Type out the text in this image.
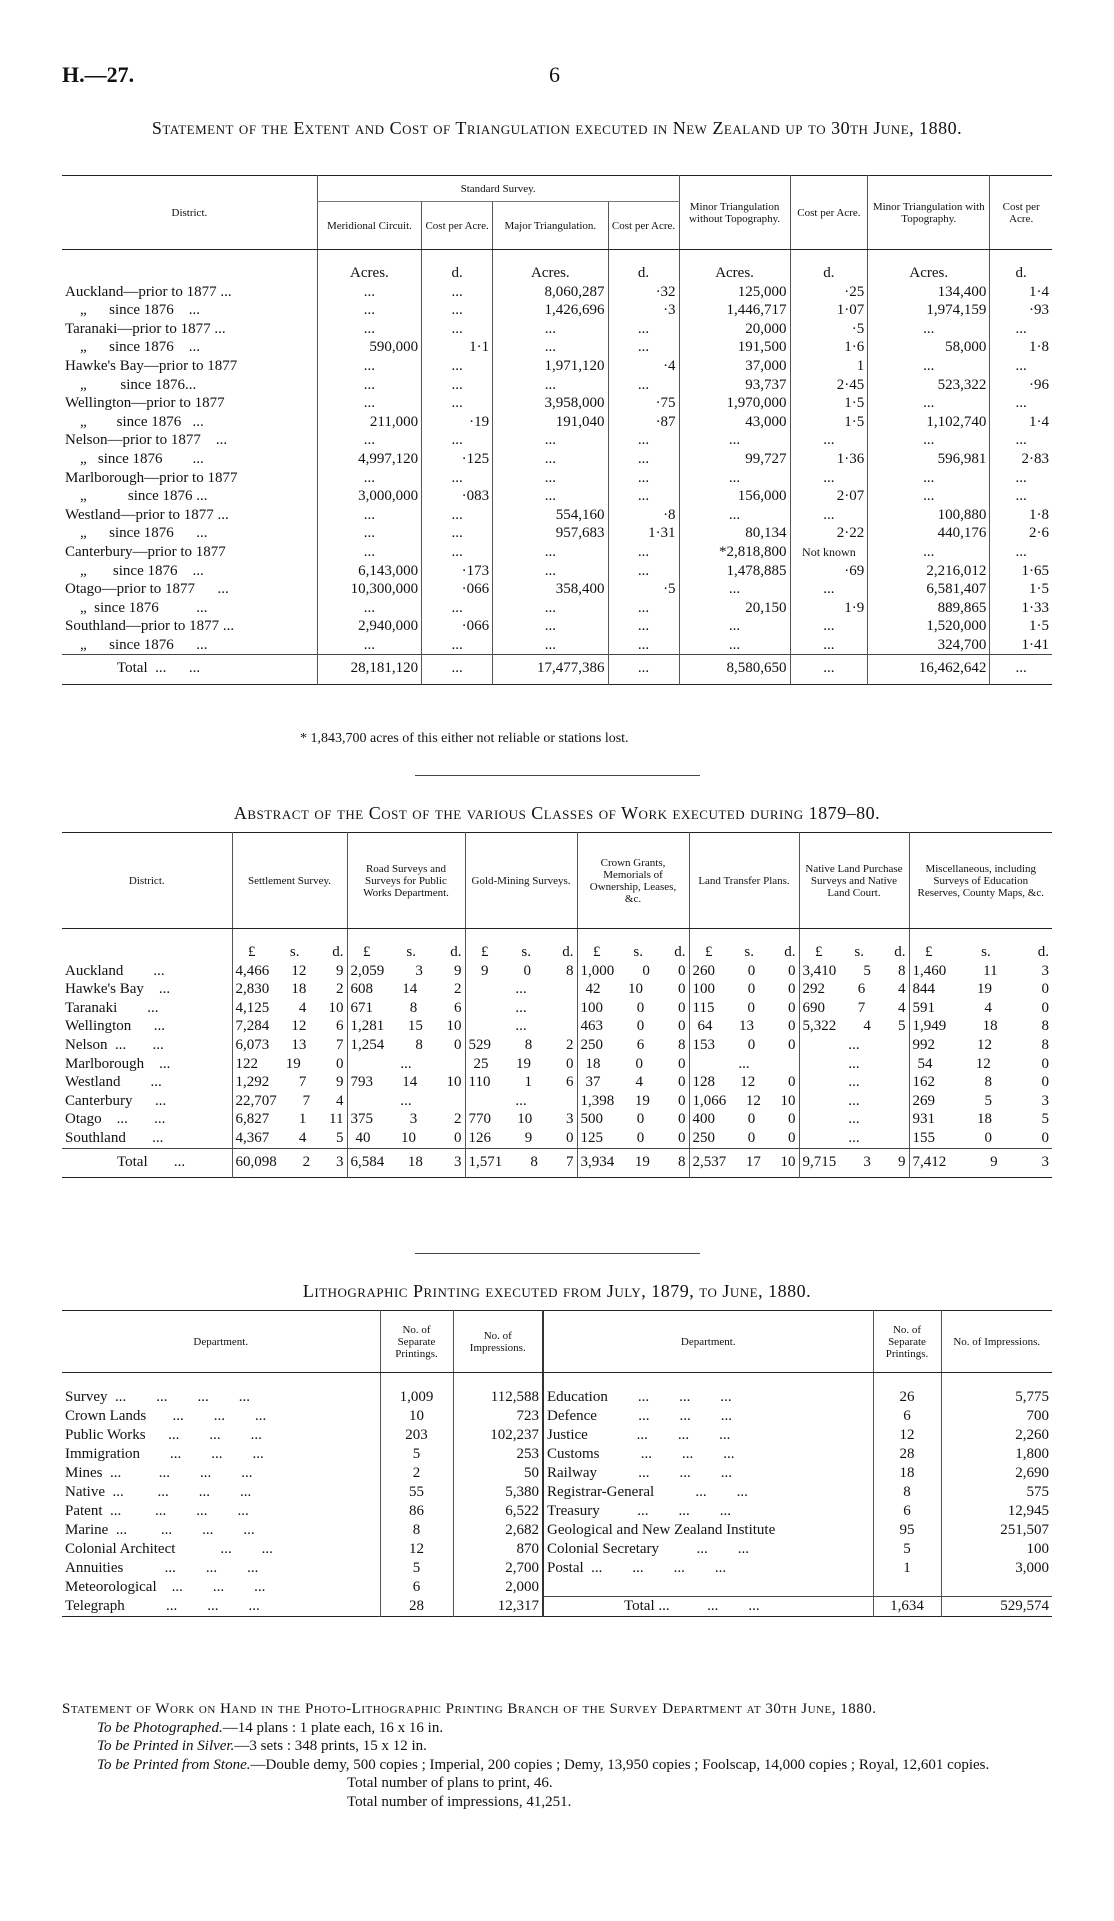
H.—27.	6
Statement of the Extent and Cost of Triangulation executed in New Zealand up to 30th June, 1880.
District.	Standard Survey.				Minor Triangulation without Topography.	Cost per Acre.	Minor Triangulation with Topography.	Cost per Acre.
	Meridional Circuit.	Cost per Acre.	Major Triangulation.	Cost per Acre.				
	Acres.	d.	Acres.	d.	Acres.	d.	Acres.	d.
Auckland—prior to 1877 ...	...	...	8,060,287	·32	125,000	·25	134,400	1·4
„      since 1876    ...	...	...	1,426,696	·3	1,446,717	1·07	1,974,159	·93
Taranaki—prior to 1877 ...	...	...	...	...	20,000	·5	...	...
„      since 1876    ...	590,000	1·1	...	...	191,500	1·6	58,000	1·8
Hawke's Bay—prior to 1877	...	...	1,971,120	·4	37,000	1	...	...
„         since 1876...	...	...	...	...	93,737	2·45	523,322	·96
Wellington—prior to 1877	...	...	3,958,000	·75	1,970,000	1·5	...	...
„        since 1876   ...	211,000	·19	191,040	·87	43,000	1·5	1,102,740	1·4
Nelson—prior to 1877    ...	...	...	...	...	...	...	...	...
„   since 1876        ...	4,997,120	·125	...	...	99,727	1·36	596,981	2·83
Marlborough—prior to 1877	...	...	...	...	...	...	...	...
„           since 1876 ...	3,000,000	·083	...	...	156,000	2·07	...	...
Westland—prior to 1877 ...	...	...	554,160	·8	...	...	100,880	1·8
„      since 1876      ...	...	...	957,683	1·31	80,134	2·22	440,176	2·6
Canterbury—prior to 1877	...	...	...	...	*2,818,800	Not known	...	...
„       since 1876    ...	6,143,000	·173	...	...	1,478,885	·69	2,216,012	1·65
Otago—prior to 1877      ...	10,300,000	·066	358,400	·5	...	...	6,581,407	1·5
„  since 1876          ...	...	...	...	...	20,150	1·9	889,865	1·33
Southland—prior to 1877 ...	2,940,000	·066	...	...	...	...	1,520,000	1·5
„      since 1876      ...	...	...	...	...	...	...	324,700	1·41
Total  ...      ...	28,181,120	...	17,477,386	...	8,580,650	...	16,462,642	...
* 1,843,700 acres of this either not reliable or stations lost.
Abstract of the Cost of the various Classes of Work executed during 1879–80.
District.	Settlement Survey.	Road Surveys and Surveys for Public Works Department.	Gold-Mining Surveys.	Crown Grants, Memorials of Ownership, Leases, &c.	Land Transfer Plans.	Native Land Purchase Surveys and Native Land Court.	Miscellaneous, including Surveys of Education Reserves, County Maps, &c.

	£ s. d.	£ s. d.	£ s. d.	£ s. d.	£ s. d.	£ s. d.	£ s. d.

Auckland        ...	4,466 12 9	2,059 3 9	9 0 8	1,000 0 0	260 0 0	3,410 5 8	1,460 11 3

Hawke's Bay    ...	2,830 18 2	608 14 2	...	42 10 0	100 0 0	292 6 4	844 19 0

Taranaki        ...	4,125 4 10	671 8 6	...	100 0 0	115 0 0	690 7 4	591 4 0

Wellington      ...	7,284 12 6	1,281 15 10	...	463 0 0	64 13 0	5,322 4 5	1,949 18 8

Nelson  ...       ...	6,073 13 7	1,254 8 0	529 8 2	250 6 8	153 0 0	...	992 12 8

Marlborough    ...	122 19 0	...	25 19 0	18 0 0	...	...	54 12 0

Westland        ...	1,292 7 9	793 14 10	110 1 6	37 4 0	128 12 0	...	162 8 0

Canterbury      ...	22,707 7 4	...	...	1,398 19 0	1,066 12 10	...	269 5 3

Otago    ...       ...	6,827 1 11	375 3 2	770 10 3	500 0 0	400 0 0	...	931 18 5

Southland       ...	4,367 4 5	40 10 0	126 9 0	125 0 0	250 0 0	...	155 0 0

Total       ...	60,098 2 3	6,584 18 3	1,571 8 7	3,934 19 8	2,537 17 10	9,715 3 9	7,412 9 3
Lithographic Printing executed from July, 1879, to June, 1880.
Department.	No. of Separate Printings.	No. of Impressions.	Department.	No. of Separate Printings.	No. of Impressions.
Survey  ...        ...        ...        ...	1,009	112,588	Education        ...        ...        ...	26	5,775
Crown Lands       ...        ...        ...	10	723	Defence           ...        ...        ...	6	700
Public Works      ...        ...        ...	203	102,237	Justice             ...        ...        ...	12	2,260
Immigration        ...        ...        ...	5	253	Customs           ...        ...        ...	28	1,800
Mines  ...          ...        ...        ...	2	50	Railway           ...        ...        ...	18	2,690
Native  ...         ...        ...        ...	55	5,380	Registrar-General           ...        ...	8	575
Patent  ...         ...        ...        ...	86	6,522	Treasury          ...        ...        ...	6	12,945
Marine  ...         ...        ...        ...	8	2,682	Geological and New Zealand Institute	95	251,507
Colonial Architect            ...        ...	12	870	Colonial Secretary          ...        ...	5	100
Annuities           ...        ...        ...	5	2,700	Postal  ...        ...        ...        ...	1	3,000
Meteorological    ...        ...        ...	6	2,000			
Telegraph           ...        ...        ...	28	12,317	Total ...          ...        ...	1,634	529,574

Statement of Work on Hand in the Photo-Lithographic Printing Branch of the Survey Department at 30th June, 1880.

To be Photographed.—14 plans : 1 plate each, 16 x 16 in.

To be Printed in Silver.—3 sets : 348 prints, 15 x 12 in.

To be Printed from Stone.—Double demy, 500 copies ; Imperial, 200 copies ; Demy, 13,950 copies ; Foolscap, 14,000 copies ; Royal, 12,601 copies.

Total number of plans to print, 46.

Total number of impressions, 41,251.
